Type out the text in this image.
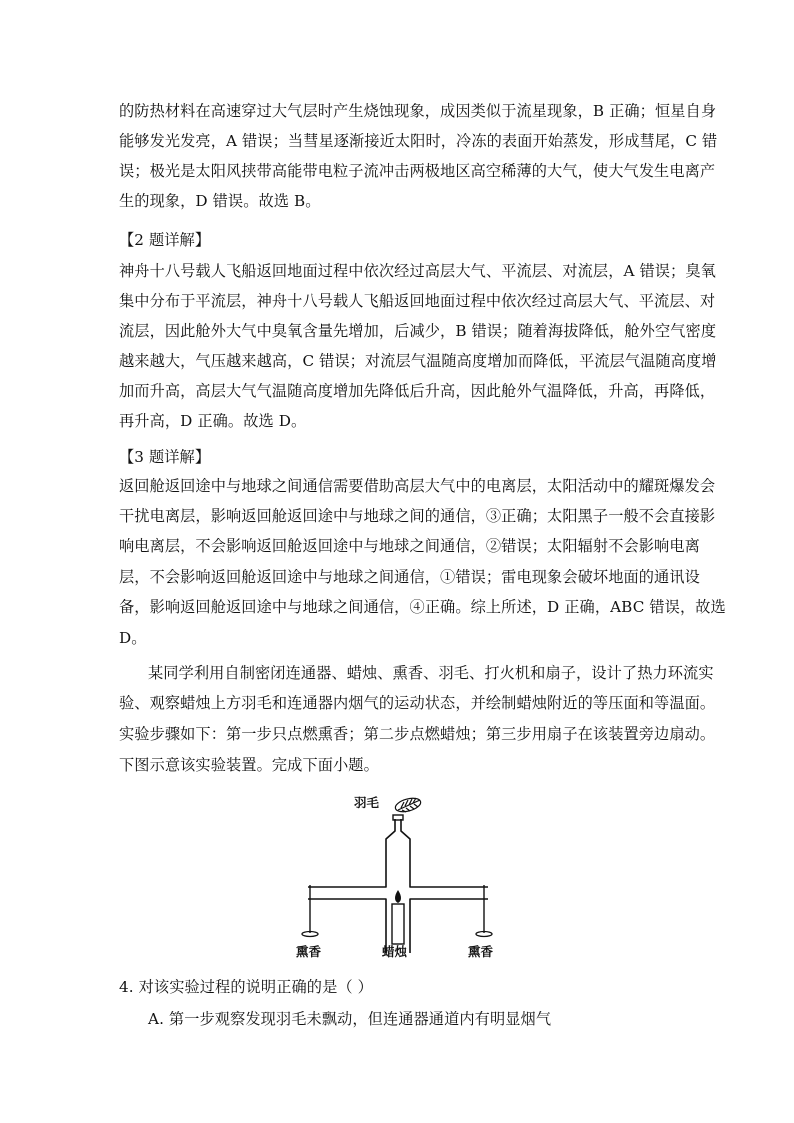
的防热材料在高速穿过大气层时产生烧蚀现象，成因类似于流星现象，B 正确；恒星自身
能够发光发亮，A 错误；当彗星逐渐接近太阳时，冷冻的表面开始蒸发，形成彗尾，C 错
误；极光是太阳风挟带高能带电粒子流冲击两极地区高空稀薄的大气，使大气发生电离产
生的现象，D 错误。故选 B。
【2 题详解】
神舟十八号载人飞船返回地面过程中依次经过高层大气、平流层、对流层，A 错误；臭氧
集中分布于平流层，神舟十八号载人飞船返回地面过程中依次经过高层大气、平流层、对
流层，因此舱外大气中臭氧含量先增加，后减少，B 错误；随着海拔降低，舱外空气密度
越来越大，气压越来越高，C 错误；对流层气温随高度增加而降低，平流层气温随高度增
加而升高，高层大气气温随高度增加先降低后升高，因此舱外气温降低，升高，再降低，
再升高，D 正确。故选 D。
【3 题详解】
返回舱返回途中与地球之间通信需要借助高层大气中的电离层，太阳活动中的耀斑爆发会
干扰电离层，影响返回舱返回途中与地球之间的通信，③正确；太阳黑子一般不会直接影
响电离层，不会影响返回舱返回途中与地球之间通信，②错误；太阳辐射不会影响电离
层，不会影响返回舱返回途中与地球之间通信，①错误；雷电现象会破坏地面的通讯设
备，影响返回舱返回途中与地球之间通信，④正确。综上所述，D 正确，ABC 错误，故选
D。
某同学利用自制密闭连通器、蜡烛、熏香、羽毛、打火机和扇子，设计了热力环流实
验、观察蜡烛上方羽毛和连通器内烟气的运动状态，并绘制蜡烛附近的等压面和等温面。
实验步骤如下：第一步只点燃熏香；第二步点燃蜡烛；第三步用扇子在该装置旁边扇动。
下图示意该实验装置。完成下面小题。
羽毛
熏香	蜡烛	熏香
4. 对该实验过程的说明正确的是（ ）
A. 第一步观察发现羽毛未飘动，但连通器通道内有明显烟气
